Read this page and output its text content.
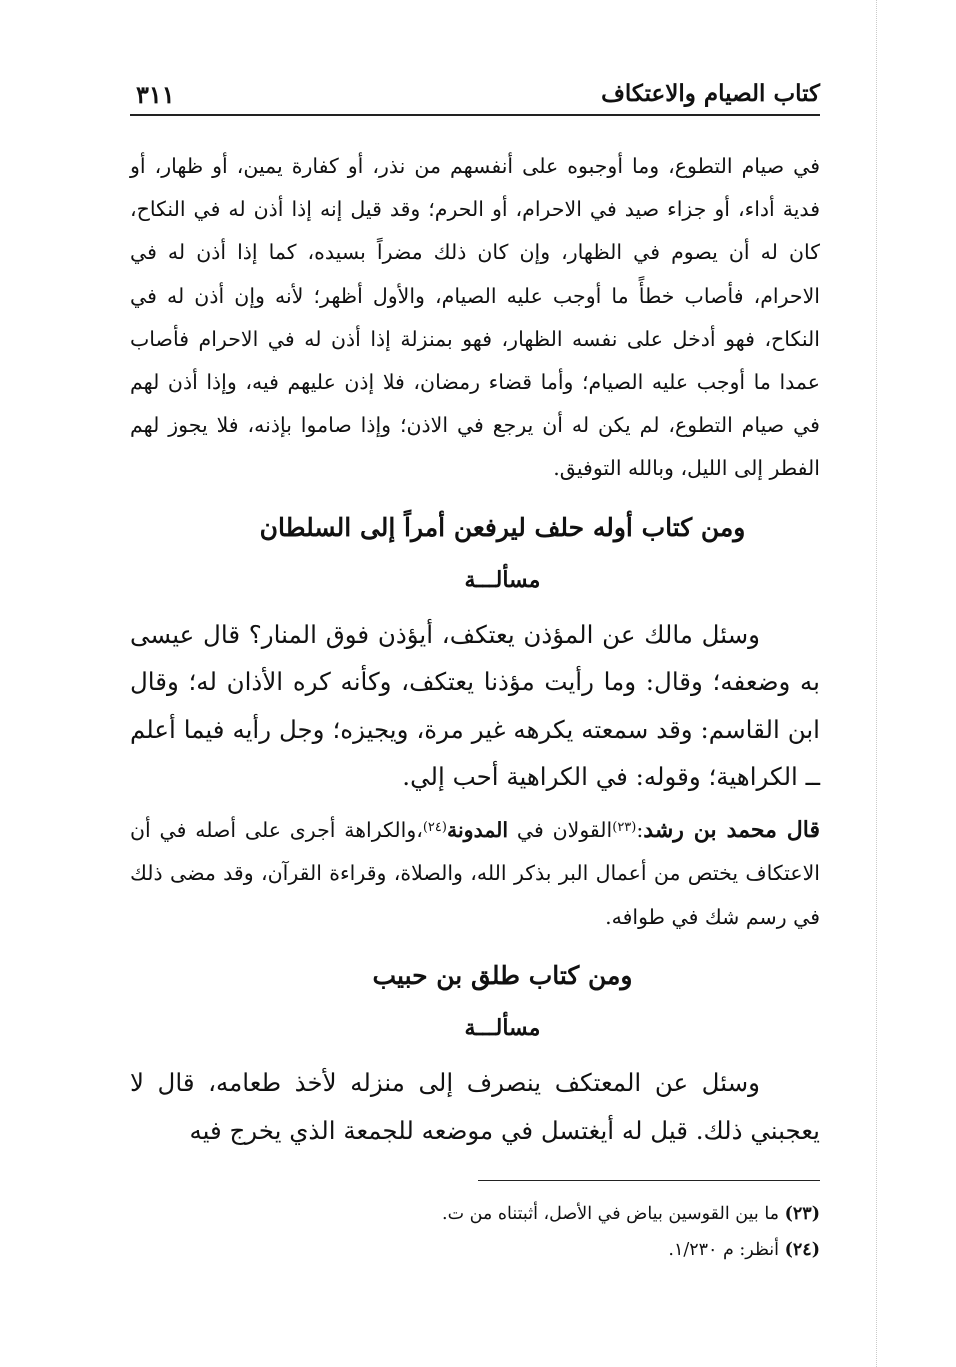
كتاب الصيام والاعتكاف
٣١١

في صيام التطوع، وما أوجبوه على أنفسهم من نذر، أو كفارة يمين، أو ظهار، أو فدية أداء، أو جزاء صيد في الاحرام، أو الحرم؛ وقد قيل إنه إذا أذن له في النكاح، كان له أن يصوم في الظهار، وإن كان ذلك مضراً بسيده، كما إذا أذن له في الاحرام، فأصاب خطأً ما أوجب عليه الصيام، والأول أظهر؛ لأنه وإن أذن له في النكاح، فهو أدخل على نفسه الظهار، فهو بمنزلة إذا أذن له في الاحرام فأصاب عمدا ما أوجب عليه الصيام؛ وأما قضاء رمضان، فلا إذن عليهم فيه، وإذا أذن لهم في صيام التطوع، لم يكن له أن يرجع في الاذن؛ وإذا صاموا بإذنه، فلا يجوز لهم الفطر إلى الليل، وبالله التوفيق.

ومن كتاب أوله حلف ليرفعن أمراً إلى السلطان
مسألـــة

وسئل مالك عن المؤذن يعتكف، أيؤذن فوق المنار؟ قال عيسى به وضعفه؛ وقال: وما رأيت مؤذنا يعتكف، وكأنه كره الأذان له؛ وقال ابن القاسم: وقد سمعته يكرهه غير مرة، ويجيزه؛ وجل رأيه فيما أعلم ــ الكراهية؛ وقوله: في الكراهية أحب إلي.

قال محمد بن رشد:$^{(٢٣)}$القولان في المدونة$^{(٢٤)}$،والكراهة أجرى على أصله في أن الاعتكاف يختص من أعمال البر بذكر الله، والصلاة، وقراءة القرآن، وقد مضى ذلك في رسم شك في طوافه.

ومن كتاب طلق بن حبيب
مسألـــة

وسئل عن المعتكف ينصرف إلى منزله لأخذ طعامه، قال لا يعجبني ذلك. قيل له أيغتسل في موضعه للجمعة الذي يخرج فيه

(٢٣) ما بين القوسين بياض في الأصل، أثبتناه من ت.
(٢٤) أنظر: م ١/٢٣٠.
